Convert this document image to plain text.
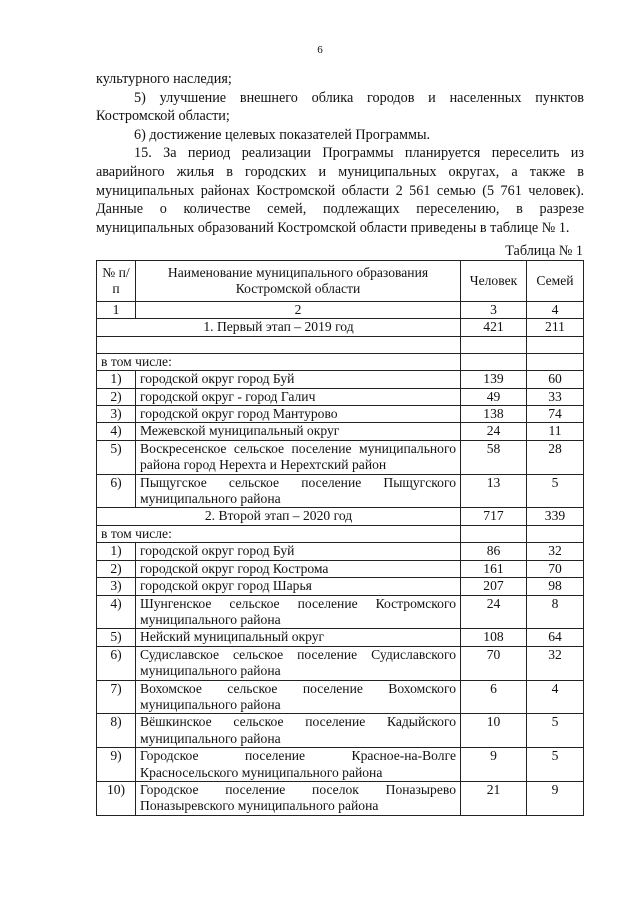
6

культурного наследия;

5) улучшение внешнего облика городов и населенных пунктов Костромской области;

6) достижение целевых показателей Программы.

15. За период реализации Программы планируется переселить из аварийного жилья в городских и муниципальных округах, а также в муниципальных районах Костромской области 2 561 семью (5 761 человек). Данные о количестве семей, подлежащих переселению, в разрезе муниципальных образований Костромской области приведены в таблице № 1.

Таблица № 1
№ п/п	Наименование муниципального образования Костромской области	Человек	Семей
1	2	3	4
1. Первый этап – 2019 год		421	211

в том числе:			
1)	городской округ город Буй	139	60
2)	городской округ - город Галич	49	33
3)	городской округ город Мантурово	138	74
4)	Межевской муниципальный округ	24	11
5)	Воскресенское сельское поселение муниципального района город Нерехта и Нерехтский район	58	28
6)	Пыщугское сельское поселение Пыщугского муниципального района	13	5
2. Второй этап – 2020 год		717	339
в том числе:			
1)	городской округ город Буй	86	32
2)	городской округ город Кострома	161	70
3)	городской округ город Шарья	207	98
4)	Шунгенское сельское поселение Костромского муниципального района	24	8
5)	Нейский муниципальный округ	108	64
6)	Судиславское сельское поселение Судиславского муниципального района	70	32
7)	Вохомское сельское поселение Вохомского муниципального района	6	4
8)	Вёшкинское сельское поселение Кадыйского муниципального района	10	5
9)	Городское поселение Красное-на-Волге Красносельского муниципального района	9	5
10)	Городское поселение поселок Поназырево Поназыревского муниципального района	21	9
